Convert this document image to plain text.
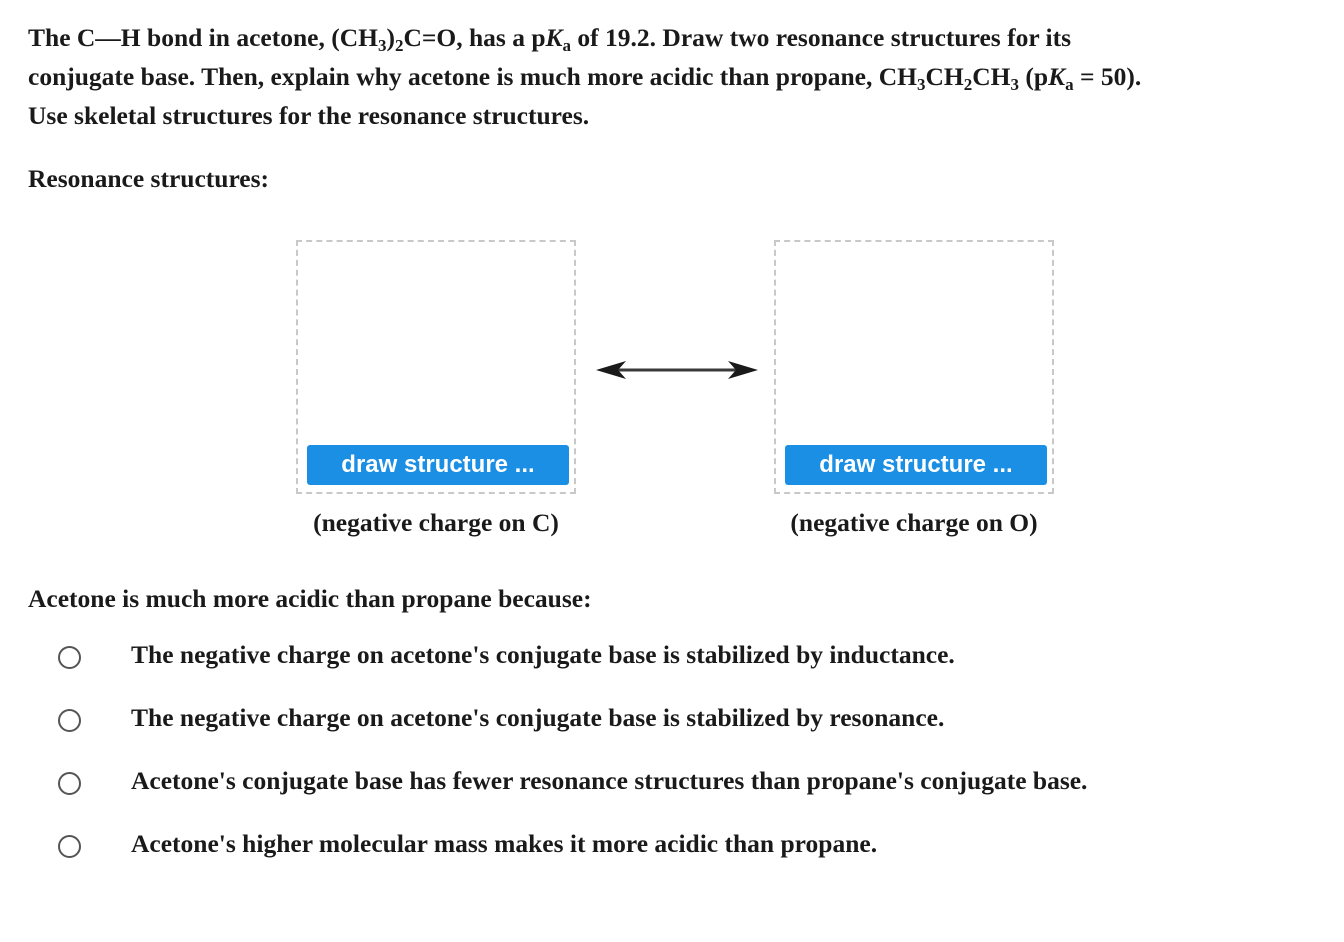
The C—H bond in acetone, $(CH_3)_2C=O$, has a $pK_a$ of 19.2. Draw two resonance structures for its
conjugate base. Then, explain why acetone is much more acidic than propane, $CH_3CH_2CH_3$ $(pK_a = 50)$.
Use skeletal structures for the resonance structures.
Resonance structures:
draw structure ...	draw structure ...
(negative charge on C)	(negative charge on O)
Acetone is much more acidic than propane because:
The negative charge on acetone's conjugate base is stabilized by inductance.
The negative charge on acetone's conjugate base is stabilized by resonance.
Acetone's conjugate base has fewer resonance structures than propane's conjugate base.
Acetone's higher molecular mass makes it more acidic than propane.
